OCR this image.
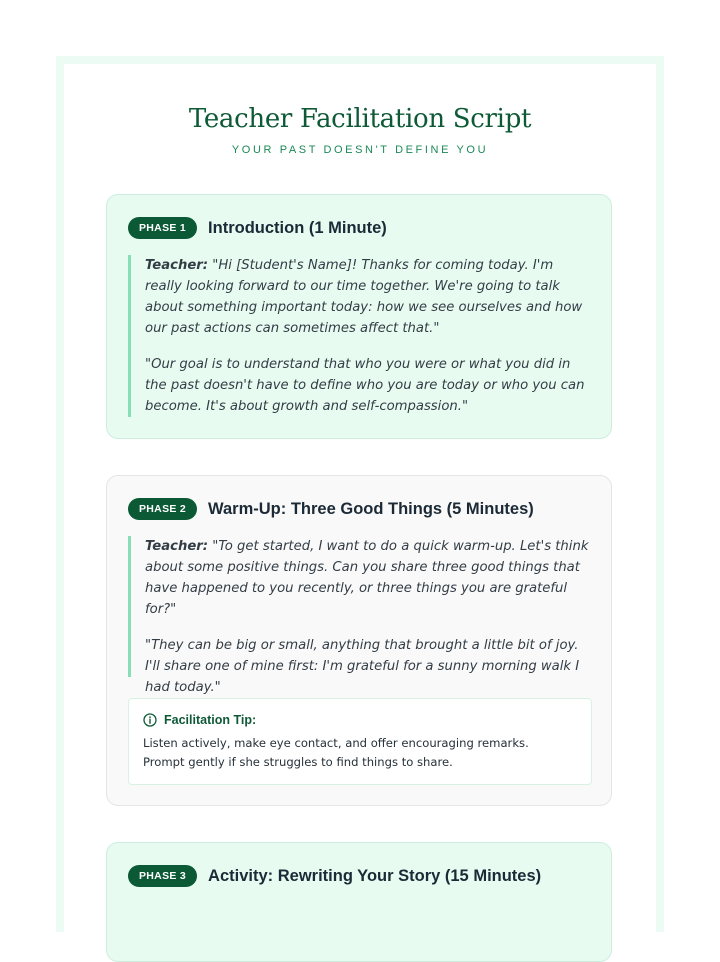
Teacher Facilitation Script
YOUR PAST DOESN'T DEFINE YOU
PHASE 1	Introduction (1 Minute)

Teacher: "Hi [Student's Name]! Thanks for coming today. I'm really looking forward to our time together. We're going to talk about something important today: how we see ourselves and how our past actions can sometimes affect that."

"Our goal is to understand that who you were or what you did in the past doesn't have to define who you are today or who you can become. It's about growth and self-compassion."

PHASE 2	Warm-Up: Three Good Things (5 Minutes)

Teacher: "To get started, I want to do a quick warm-up. Let's think about some positive things. Can you share three good things that have happened to you recently, or three things you are grateful for?"

"They can be big or small, anything that brought a little bit of joy. I'll share one of mine first: I'm grateful for a sunny morning walk I had today."

Facilitation Tip:

Listen actively, make eye contact, and offer encouraging remarks. Prompt gently if she struggles to find things to share.

PHASE 3	Activity: Rewriting Your Story (15 Minutes)
